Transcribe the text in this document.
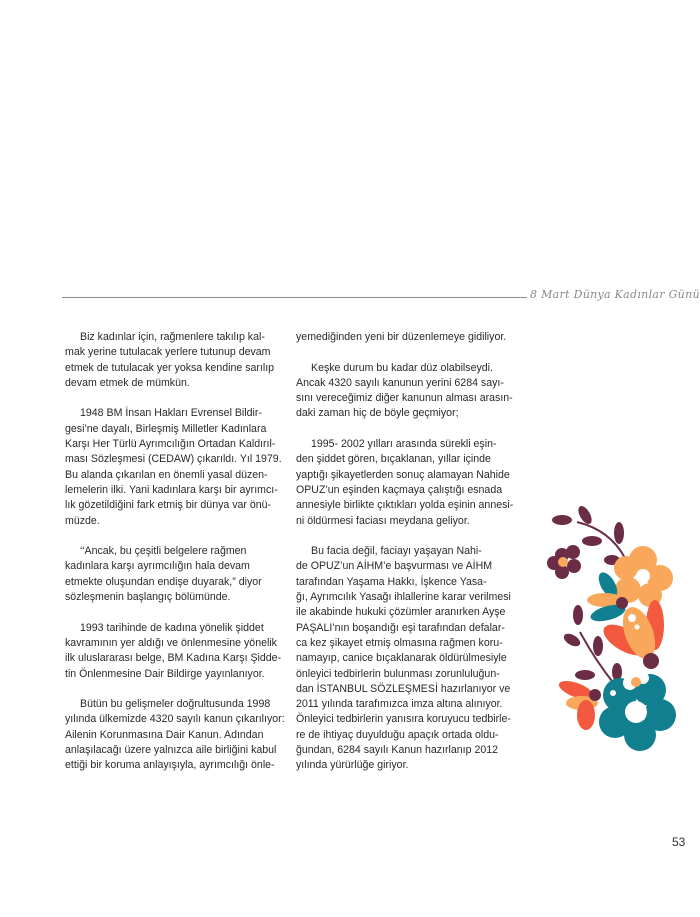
8 Mart Dünya Kadınlar Günü
Biz kadınlar için, rağmenlere takılıp kal-
mak yerine tutulacak yerlere tutunup devam
etmek de tutulacak yer yoksa kendine sarılıp
devam etmek de mümkün.
1948 BM İnsan Hakları Evrensel Bildir-
gesi’ne dayalı, Birleşmiş Milletler Kadınlara
Karşı Her Türlü Ayrımcılığın Ortadan Kaldırıl-
ması Sözleşmesi (CEDAW) çıkarıldı. Yıl 1979.
Bu alanda çıkarılan en önemli yasal düzen-
lemelerin ilki. Yani kadınlara karşı bir ayrımcı-
lık gözetildiğini fark etmiş bir dünya var önü-
müzde.
‘‘Ancak, bu çeşitli belgelere rağmen
kadınlara karşı ayrımcılığın hala devam
etmekte oluşundan endişe duyarak,” diyor
sözleşmenin başlangıç bölümünde.
1993 tarihinde de kadına yönelik şiddet
kavramının yer aldığı ve önlenmesine yönelik
ilk uluslararası belge, BM Kadına Karşı Şidde-
tin Önlenmesine Dair Bildirge yayınlanıyor.
Bütün bu gelişmeler doğrultusunda 1998
yılında ülkemizde 4320 sayılı kanun çıkarılıyor:
Ailenin Korunmasına Dair Kanun. Adından
anlaşılacağı üzere yalnızca aile birliğini kabul
ettiği bir koruma anlayışıyla, ayrımcılığı önle-
yemediğinden yeni bir düzenlemeye gidiliyor.
Keşke durum bu kadar düz olabilseydi.
Ancak 4320 sayılı kanunun yerini 6284 sayı-
sını vereceğimiz diğer kanunun alması arasın-
daki zaman hiç de böyle geçmiyor;
1995- 2002 yılları arasında sürekli eşin-
den şiddet gören, bıçaklanan, yıllar içinde
yaptığı şikayetlerden sonuç alamayan Nahide
OPUZ’un eşinden kaçmaya çalıştığı esnada
annesiyle birlikte çıktıkları yolda eşinin annesi-
ni öldürmesi faciası meydana geliyor.
Bu facia değil, faciayı yaşayan Nahi-
de OPUZ’un AİHM’e başvurması ve AİHM
tarafından Yaşama Hakkı, İşkence Yasa-
ğı, Ayrımcılık Yasağı ihlallerine karar verilmesi
ile akabinde hukuki çözümler aranırken Ayşe
PAŞALI’nın boşandığı eşi tarafından defalar-
ca kez şikayet etmiş olmasına rağmen koru-
namayıp, canice bıçaklanarak öldürülmesiyle
önleyici tedbirlerin bulunması zorunluluğun-
dan İSTANBUL SÖZLEŞMESİ hazırlanıyor ve
2011 yılında tarafımızca imza altına alınıyor.
Önleyici tedbirlerin yanısıra koruyucu tedbirle-
re de ihtiyaç duyulduğu apaçık ortada oldu-
ğundan, 6284 sayılı Kanun hazırlanıp 2012
yılında yürürlüğe giriyor.
53
